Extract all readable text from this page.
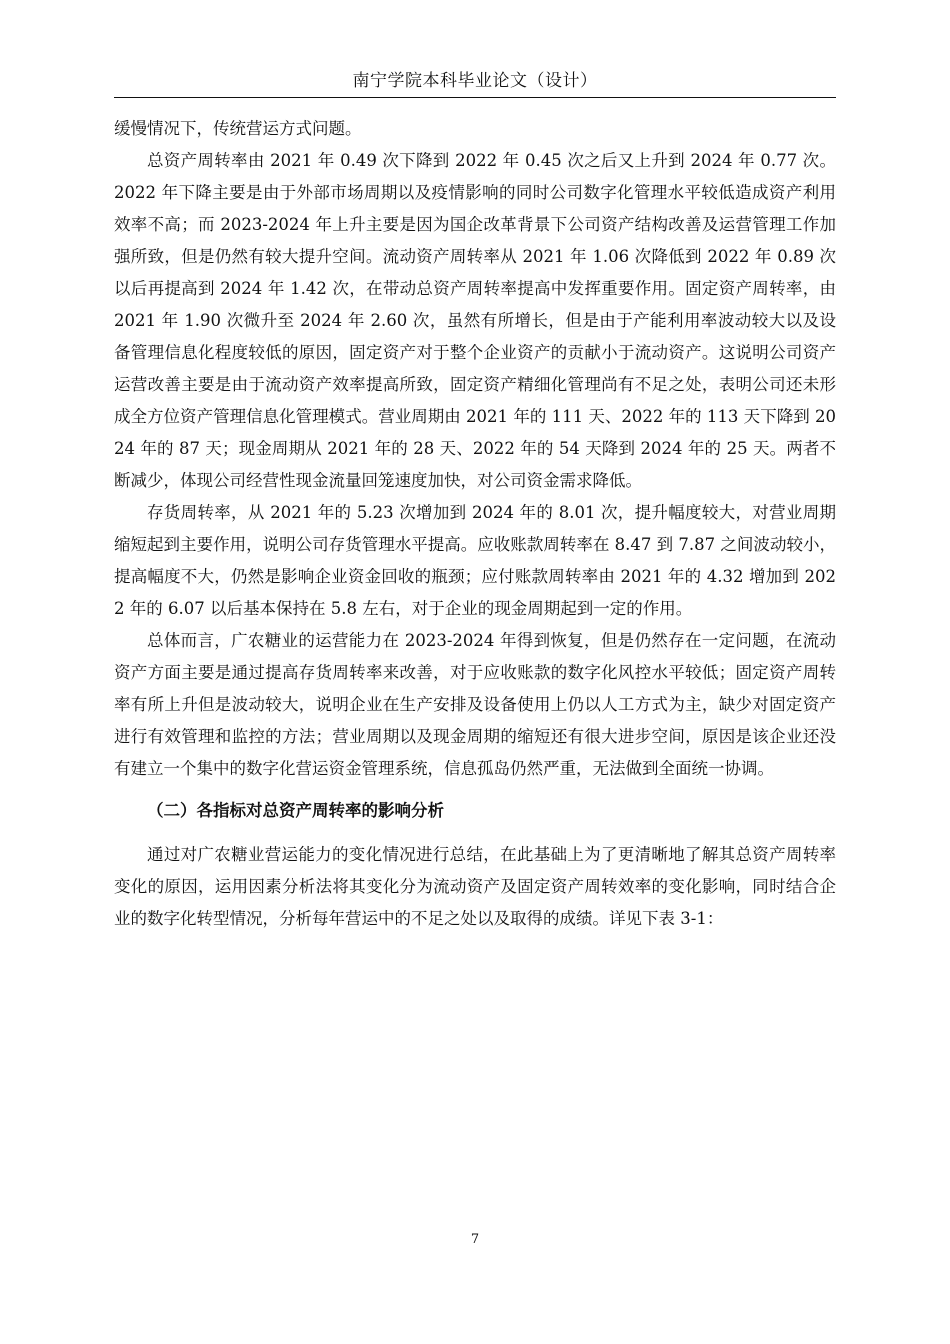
南宁学院本科毕业论文（设计）

缓慢情况下，传统营运方式问题。

总资产周转率由 2021 年 0.49 次下降到 2022 年 0.45 次之后又上升到 2024 年 0.77 次。2022 年下降主要是由于外部市场周期以及疫情影响的同时公司数字化管理水平较低造成资产利用效率不高；而 2023-2024 年上升主要是因为国企改革背景下公司资产结构改善及运营管理工作加强所致，但是仍然有较大提升空间。流动资产周转率从 2021 年 1.06 次降低到 2022 年 0.89 次以后再提高到 2024 年 1.42 次，在带动总资产周转率提高中发挥重要作用。固定资产周转率，由 2021 年 1.90 次微升至 2024 年 2.60 次，虽然有所增长，但是由于产能利用率波动较大以及设备管理信息化程度较低的原因，固定资产对于整个企业资产的贡献小于流动资产。这说明公司资产运营改善主要是由于流动资产效率提高所致，固定资产精细化管理尚有不足之处，表明公司还未形成全方位资产管理信息化管理模式。营业周期由 2021 年的 111 天、2022 年的 113 天下降到 2024 年的 87 天；现金周期从 2021 年的 28 天、2022 年的 54 天降到 2024 年的 25 天。两者不断减少，体现公司经营性现金流量回笼速度加快，对公司资金需求降低。

存货周转率，从 2021 年的 5.23 次增加到 2024 年的 8.01 次，提升幅度较大，对营业周期缩短起到主要作用，说明公司存货管理水平提高。应收账款周转率在 8.47 到 7.87 之间波动较小，提高幅度不大，仍然是影响企业资金回收的瓶颈；应付账款周转率由 2021 年的 4.32 增加到 2022 年的 6.07 以后基本保持在 5.8 左右，对于企业的现金周期起到一定的作用。

总体而言，广农糖业的运营能力在 2023-2024 年得到恢复，但是仍然存在一定问题，在流动资产方面主要是通过提高存货周转率来改善，对于应收账款的数字化风控水平较低；固定资产周转率有所上升但是波动较大，说明企业在生产安排及设备使用上仍以人工方式为主，缺少对固定资产进行有效管理和监控的方法；营业周期以及现金周期的缩短还有很大进步空间，原因是该企业还没有建立一个集中的数字化营运资金管理系统，信息孤岛仍然严重，无法做到全面统一协调。

（二）各指标对总资产周转率的影响分析

通过对广农糖业营运能力的变化情况进行总结，在此基础上为了更清晰地了解其总资产周转率变化的原因，运用因素分析法将其变化分为流动资产及固定资产周转效率的变化影响，同时结合企业的数字化转型情况，分析每年营运中的不足之处以及取得的成绩。详见下表 3-1：

7
